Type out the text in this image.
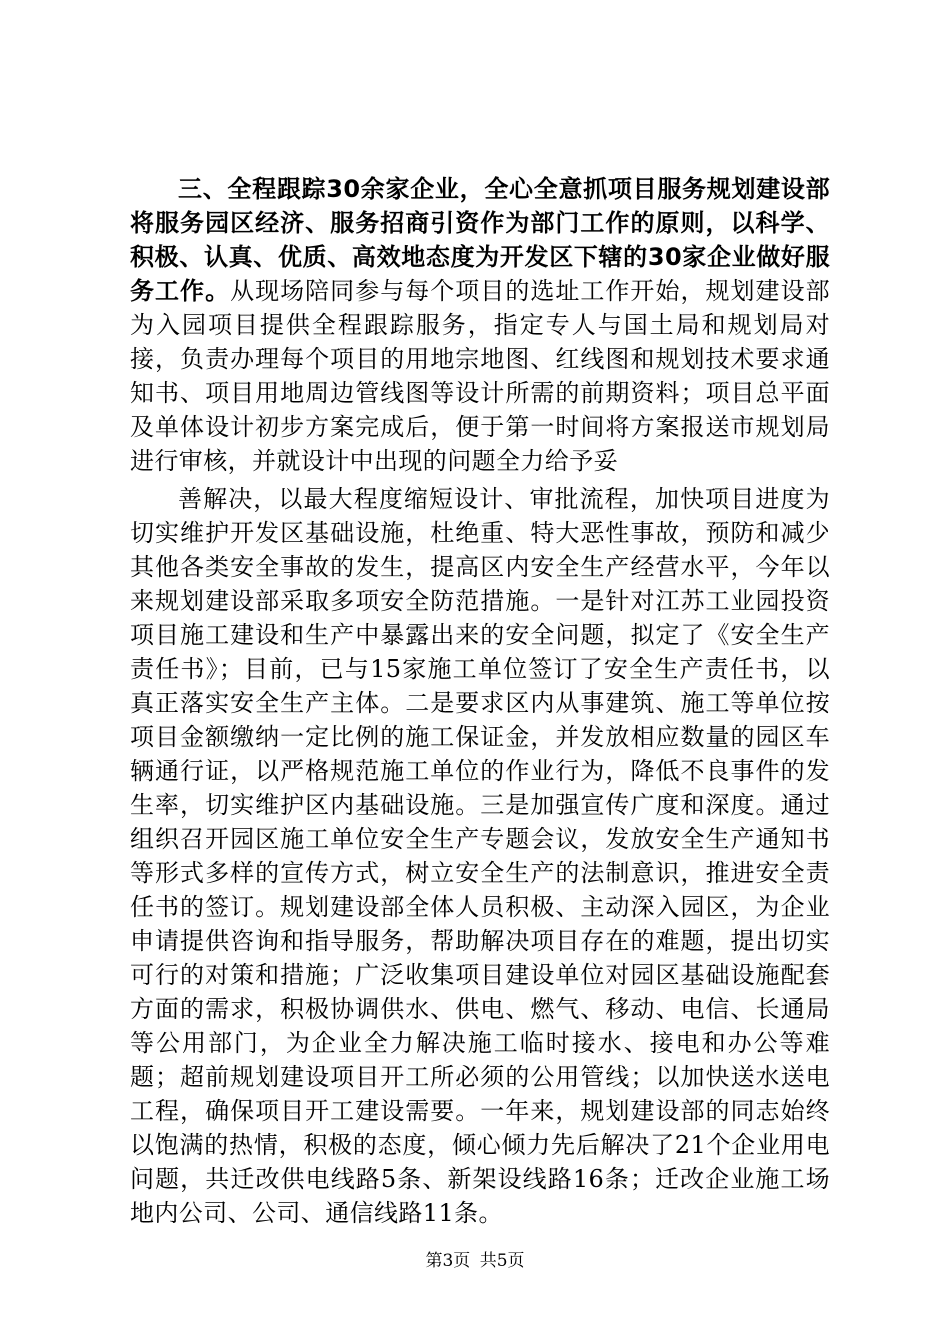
三、全程跟踪30余家企业，全心全意抓项目服务规划建设部将服务园区经济、服务招商引资作为部门工作的原则，以科学、积极、认真、优质、高效地态度为开发区下辖的30家企业做好服务工作。从现场陪同参与每个项目的选址工作开始，规划建设部为入园项目提供全程跟踪服务，指定专人与国土局和规划局对接，负责办理每个项目的用地宗地图、红线图和规划技术要求通知书、项目用地周边管线图等设计所需的前期资料；项目总平面及单体设计初步方案完成后，便于第一时间将方案报送市规划局进行审核，并就设计中出现的问题全力给予妥

善解决，以最大程度缩短设计、审批流程，加快项目进度为切实维护开发区基础设施，杜绝重、特大恶性事故，预防和减少其他各类安全事故的发生，提高区内安全生产经营水平，今年以来规划建设部采取多项安全防范措施。一是针对江苏工业园投资项目施工建设和生产中暴露出来的安全问题，拟定了《安全生产责任书》；目前，已与15家施工单位签订了安全生产责任书，以真正落实安全生产主体。二是要求区内从事建筑、施工等单位按项目金额缴纳一定比例的施工保证金，并发放相应数量的园区车辆通行证，以严格规范施工单位的作业行为，降低不良事件的发生率，切实维护区内基础设施。三是加强宣传广度和深度。通过组织召开园区施工单位安全生产专题会议，发放安全生产通知书等形式多样的宣传方式，树立安全生产的法制意识，推进安全责任书的签订。规划建设部全体人员积极、主动深入园区，为企业申请提供咨询和指导服务，帮助解决项目存在的难题，提出切实可行的对策和措施；广泛收集项目建设单位对园区基础设施配套方面的需求，积极协调供水、供电、燃气、移动、电信、长通局等公用部门，为企业全力解决施工临时接水、接电和办公等难题；超前规划建设项目开工所必须的公用管线；以加快送水送电工程，确保项目开工建设需要。一年来，规划建设部的同志始终以饱满的热情，积极的态度，倾心倾力先后解决了21个企业用电问题，共迁改供电线路5条、新架设线路16条；迁改企业施工场地内公司、公司、通信线路11条。

第3页 共5页
